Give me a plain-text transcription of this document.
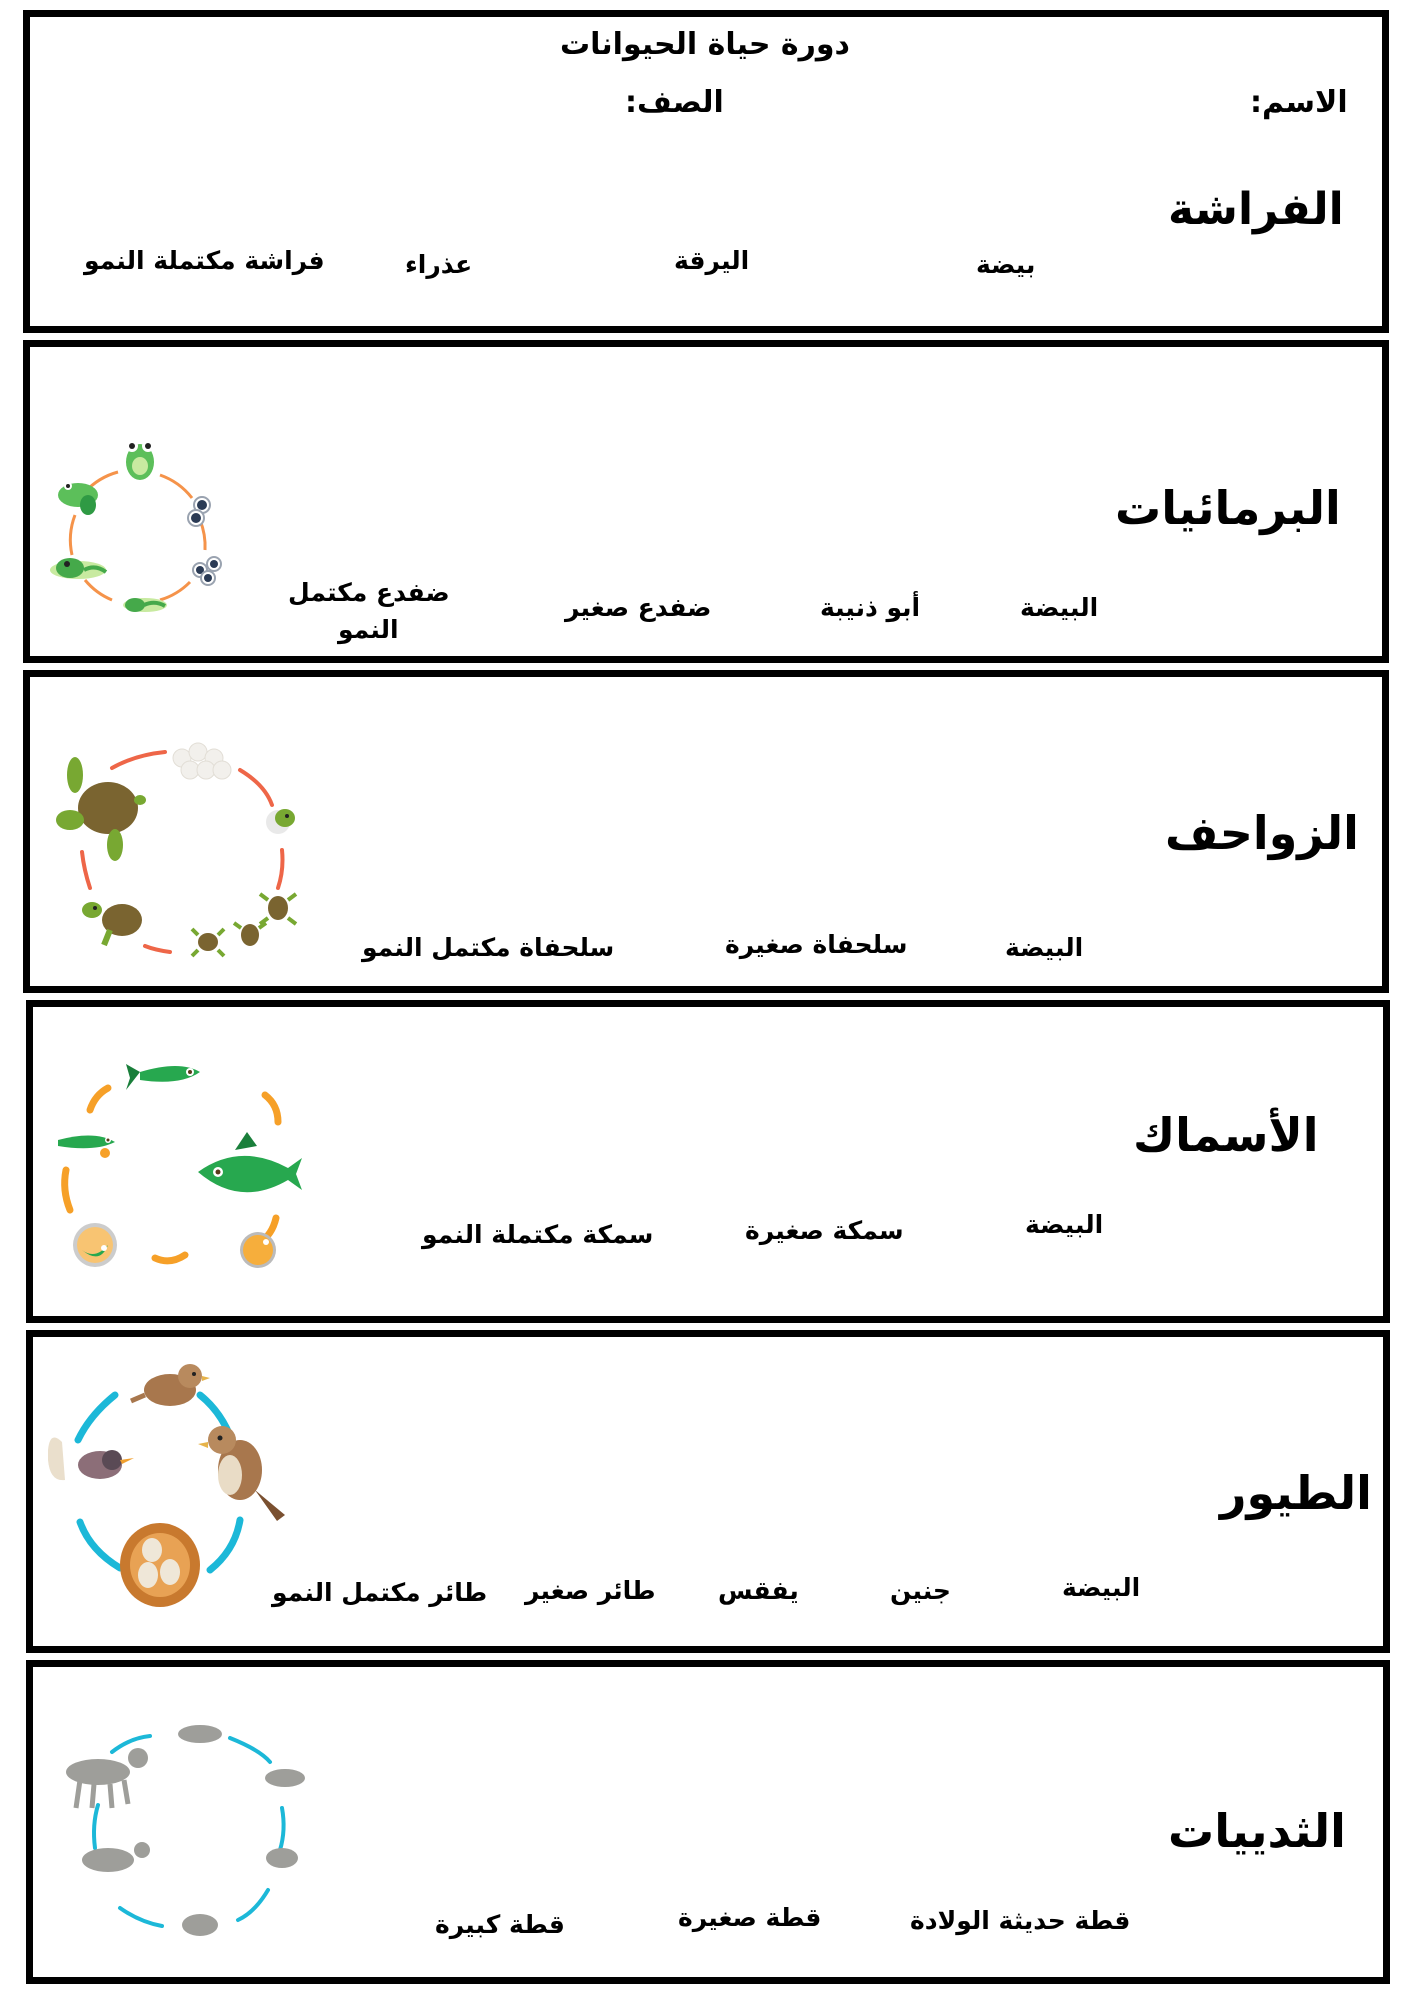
دورة حياة الحيوانات
الصف:	الاسم:
الفراشة
بيضة
اليرقة
عذراء
فراشة مكتملة النمو
البرمائيات
البيضة
أبو ذنيبة
ضفدع صغير
ضفدع مكتمل
النمو
الزواحف
البيضة
سلحفاة صغيرة
سلحفاة مكتمل النمو
الأسماك
البيضة
سمكة صغيرة
سمكة مكتملة النمو
الطيور
البيضة
جنين
يفقس
طائر صغير
طائر مكتمل النمو
الثدييات
قطة حديثة الولادة
قطة صغيرة
قطة كبيرة
